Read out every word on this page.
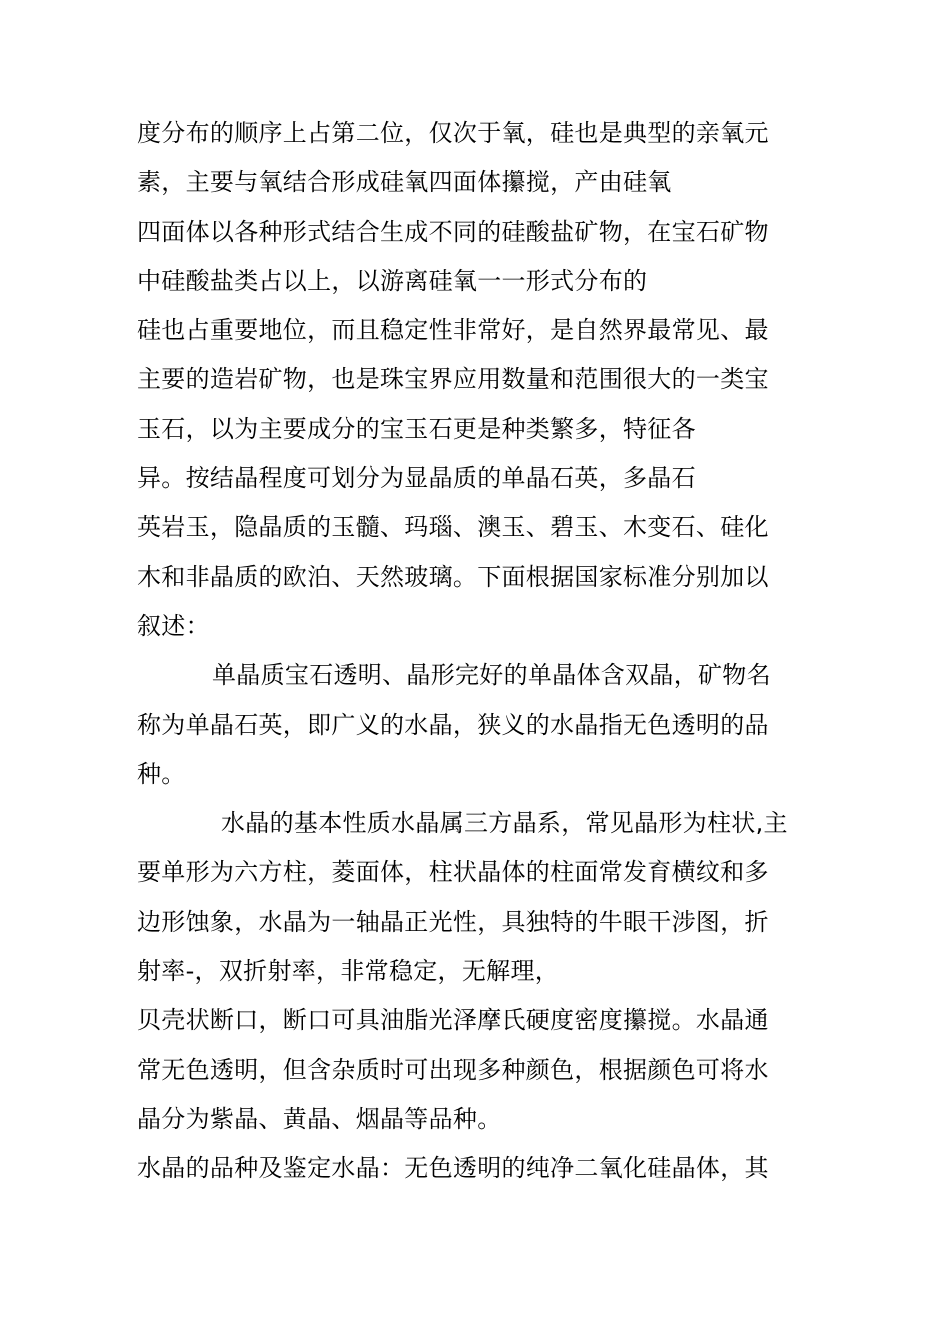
度分布的顺序上占第二位，仅次于氧，硅也是典型的亲氧元
素，主要与氧结合形成硅氧四面体攥搅，产由硅氧
四面体以各种形式结合生成不同的硅酸盐矿物，在宝石矿物
中硅酸盐类占以上，以游离硅氧一一形式分布的
硅也占重要地位，而且稳定性非常好，是自然界最常见、最
主要的造岩矿物，也是珠宝界应用数量和范围很大的一类宝
玉石，以为主要成分的宝玉石更是种类繁多，特征各
异。按结晶程度可划分为显晶质的单晶石英，多晶石
英岩玉，隐晶质的玉髓、玛瑙、澳玉、碧玉、木变石、硅化
木和非晶质的欧泊、天然玻璃。下面根据国家标准分别加以
叙述：
单晶质宝石透明、晶形完好的单晶体含双晶，矿物名
称为单晶石英，即广义的水晶，狭义的水晶指无色透明的品
种。
水晶的基本性质水晶属三方晶系，常见晶形为柱状,主
要单形为六方柱，菱面体，柱状晶体的柱面常发育横纹和多
边形蚀象，水晶为一轴晶正光性，具独特的牛眼干涉图，折
射率-，双折射率，非常稳定，无解理，
贝壳状断口，断口可具油脂光泽摩氏硬度密度攥搅。水晶通
常无色透明，但含杂质时可出现多种颜色，根据颜色可将水
晶分为紫晶、黄晶、烟晶等品种。
水晶的品种及鉴定水晶：无色透明的纯净二氧化硅晶体，其
